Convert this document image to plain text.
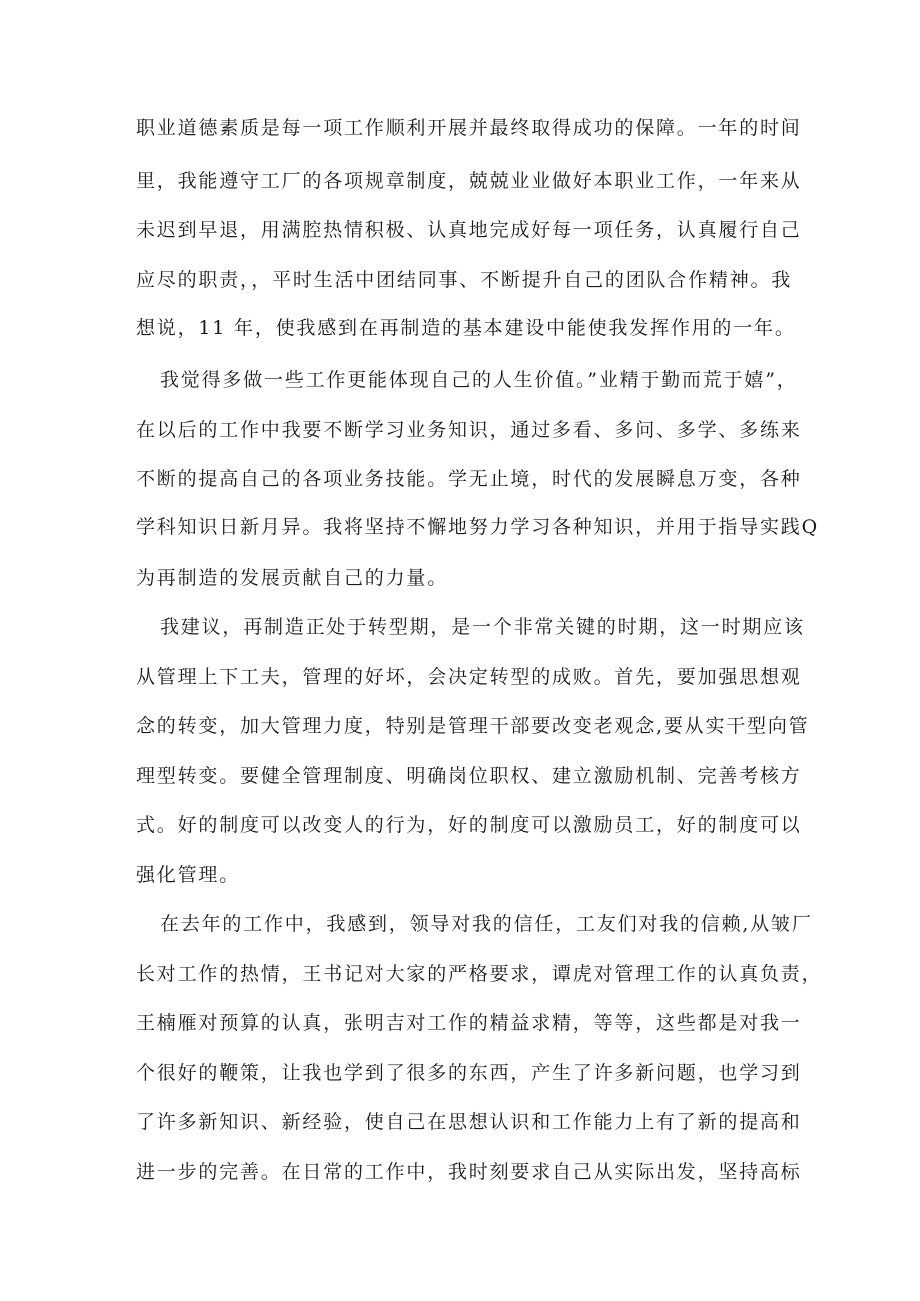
职业道德素质是每一项工作顺利开展并最终取得成功的保障。一年的时间
里，我能遵守工厂的各项规章制度，兢兢业业做好本职业工作，一年来从
未迟到早退，用满腔热情积极、认真地完成好每一项任务，认真履行自己
应尽的职责，，平时生活中团结同事、不断提升自己的团队合作精神。我
想说，11 年，使我感到在再制造的基本建设中能使我发挥作用的一年。
我觉得多做一些工作更能体现自己的人生价值。”业精于勤而荒于嬉”，
在以后的工作中我要不断学习业务知识，通过多看、多问、多学、多练来
不断的提高自己的各项业务技能。学无止境，时代的发展瞬息万变，各种
学科知识日新月异。我将坚持不懈地努力学习各种知识，并用于指导实践Q
为再制造的发展贡献自己的力量。
我建议，再制造正处于转型期，是一个非常关键的时期，这一时期应该
从管理上下工夫，管理的好坏，会决定转型的成败。首先，要加强思想观
念的转变，加大管理力度，特别是管理干部要改变老观念,要从实干型向管
理型转变。要健全管理制度、明确岗位职权、建立激励机制、完善考核方
式。好的制度可以改变人的行为，好的制度可以激励员工，好的制度可以
强化管理。
在去年的工作中，我感到，领导对我的信任，工友们对我的信赖,从皱厂
长对工作的热情，王书记对大家的严格要求，谭虎对管理工作的认真负责，
王楠雁对预算的认真，张明吉对工作的精益求精，等等，这些都是对我一
个很好的鞭策，让我也学到了很多的东西，产生了许多新问题，也学习到
了许多新知识、新经验，使自己在思想认识和工作能力上有了新的提高和
进一步的完善。在日常的工作中，我时刻要求自己从实际出发，坚持高标
